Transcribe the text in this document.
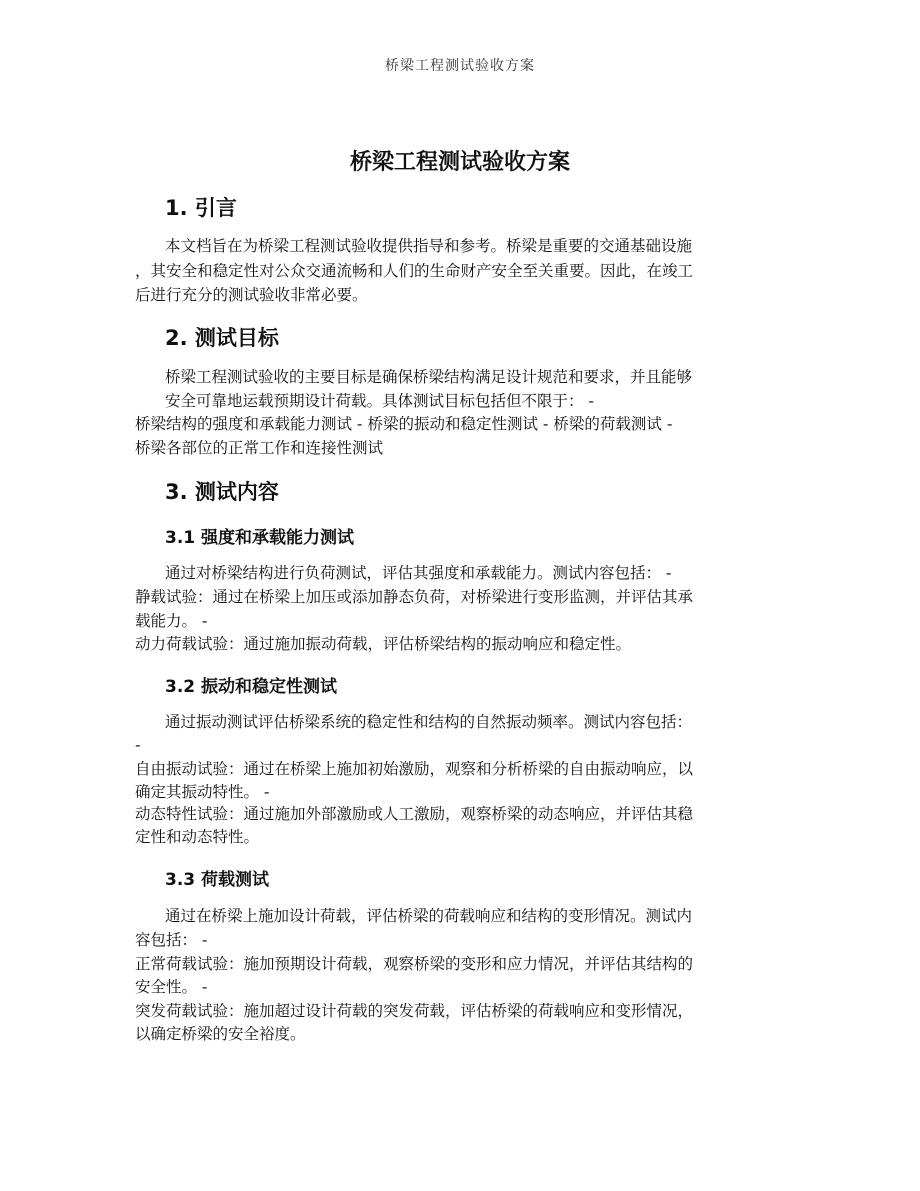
桥梁工程测试验收方案
桥梁工程测试验收方案
1. 引言
本文档旨在为桥梁工程测试验收提供指导和参考。桥梁是重要的交通基础设施
，其安全和稳定性对公众交通流畅和人们的生命财产安全至关重要。因此，在竣工
后进行充分的测试验收非常必要。
2. 测试目标
桥梁工程测试验收的主要目标是确保桥梁结构满足设计规范和要求，并且能够
安全可靠地运载预期设计荷载。具体测试目标包括但不限于： -
桥梁结构的强度和承载能力测试 - 桥梁的振动和稳定性测试 - 桥梁的荷载测试 -
桥梁各部位的正常工作和连接性测试
3. 测试内容
3.1 强度和承载能力测试
通过对桥梁结构进行负荷测试，评估其强度和承载能力。测试内容包括： -
静载试验：通过在桥梁上加压或添加静态负荷，对桥梁进行变形监测，并评估其承
载能力。 -
动力荷载试验：通过施加振动荷载，评估桥梁结构的振动响应和稳定性。
3.2 振动和稳定性测试
通过振动测试评估桥梁系统的稳定性和结构的自然振动频率。测试内容包括：
-
自由振动试验：通过在桥梁上施加初始激励，观察和分析桥梁的自由振动响应，以
确定其振动特性。 -
动态特性试验：通过施加外部激励或人工激励，观察桥梁的动态响应，并评估其稳
定性和动态特性。
3.3 荷载测试
通过在桥梁上施加设计荷载，评估桥梁的荷载响应和结构的变形情况。测试内
容包括： -
正常荷载试验：施加预期设计荷载，观察桥梁的变形和应力情况，并评估其结构的
安全性。 -
突发荷载试验：施加超过设计荷载的突发荷载，评估桥梁的荷载响应和变形情况，
以确定桥梁的安全裕度。
